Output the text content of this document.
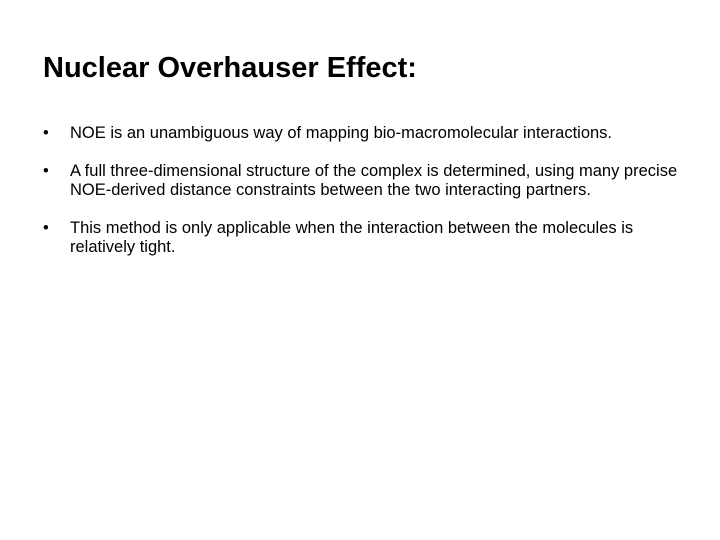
Nuclear Overhauser Effect:
• NOE is an unambiguous way of mapping bio-macromolecular interactions.
• A full three-dimensional structure of the complex is determined, using many precise NOE-derived distance constraints between the two interacting partners.
• This method is only applicable when the interaction between the molecules is relatively tight.
